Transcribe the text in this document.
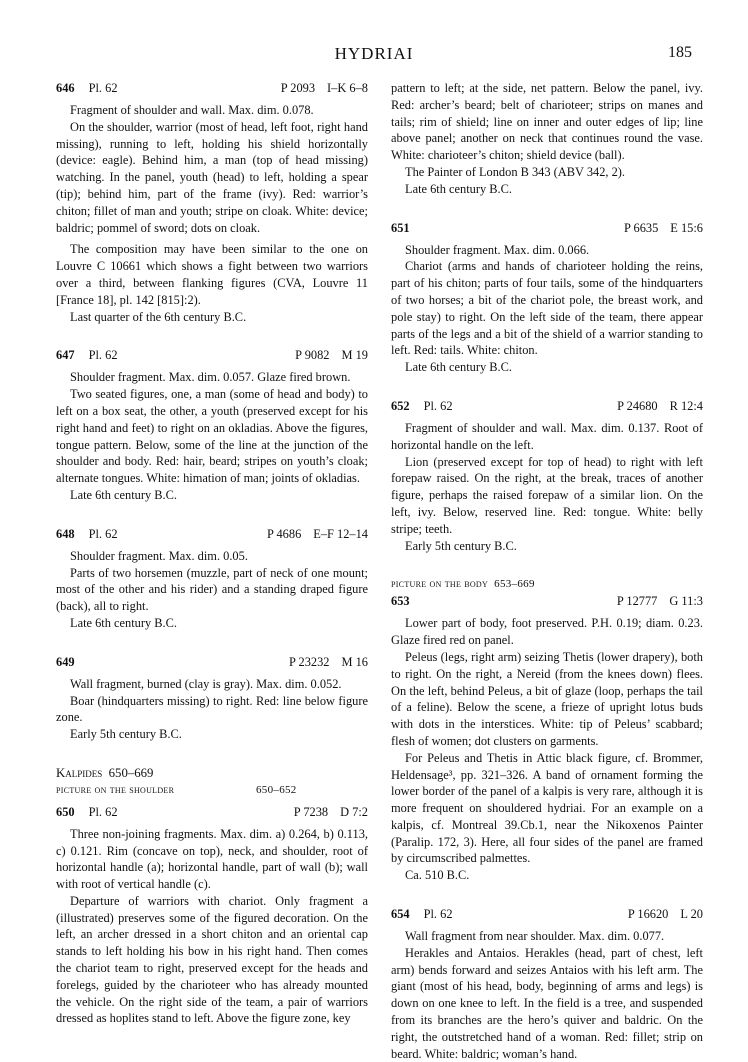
HYDRIAI	185
646 Pl. 62	P 2093 I–K 6–8

Fragment of shoulder and wall. Max. dim. 0.078.

On the shoulder, warrior (most of head, left foot, right hand missing), running to left, holding his shield horizontally (device: eagle). Behind him, a man (top of head missing) watching. In the panel, youth (head) to left, holding a spear (tip); behind him, part of the frame (ivy). Red: warrior’s chiton; fillet of man and youth; stripe on cloak. White: device; baldric; pommel of sword; dots on cloak.

The composition may have been similar to the one on Louvre C 10661 which shows a fight between two warriors over a third, between flanking figures (CVA, Louvre 11 [France 18], pl. 142 [815]:2).

Last quarter of the 6th century B.C.

647 Pl. 62	P 9082 M 19

Shoulder fragment. Max. dim. 0.057. Glaze fired brown.

Two seated figures, one, a man (some of head and body) to left on a box seat, the other, a youth (preserved except for his right hand and feet) to right on an okladias. Above the figures, tongue pattern. Below, some of the line at the junction of the shoulder and body. Red: hair, beard; stripes on youth’s cloak; alternate tongues. White: himation of man; joints of okladias.

Late 6th century B.C.

648 Pl. 62	P 4686 E–F 12–14

Shoulder fragment. Max. dim. 0.05.

Parts of two horsemen (muzzle, part of neck of one mount; most of the other and his rider) and a standing draped figure (back), all to right.

Late 6th century B.C.

649	P 23232 M 16

Wall fragment, burned (clay is gray). Max. dim. 0.052.

Boar (hindquarters missing) to right. Red: line below figure zone.

Early 5th century B.C.

Kalpides 650–669
picture on the shoulder	650–652
650 Pl. 62	P 7238 D 7:2

Three non-joining fragments. Max. dim. a) 0.264, b) 0.113, c) 0.121. Rim (concave on top), neck, and shoulder, root of horizontal handle (a); horizontal handle, part of wall (b); wall with root of vertical handle (c).

Departure of warriors with chariot. Only fragment a (illustrated) preserves some of the figured decoration. On the left, an archer dressed in a short chiton and an oriental cap stands to left holding his bow in his right hand. Then comes the chariot team to right, preserved except for the heads and forelegs, guided by the charioteer who has already mounted the vehicle. On the right side of the team, a pair of warriors dressed as hoplites stand to left. Above the figure zone, key

pattern to left; at the side, net pattern. Below the panel, ivy. Red: archer’s beard; belt of charioteer; strips on manes and tails; rim of shield; line on inner and outer edges of lip; line above panel; another on neck that continues round the vase. White: charioteer’s chiton; shield device (ball).

The Painter of London B 343 (ABV 342, 2).

Late 6th century B.C.

651	P 6635 E 15:6

Shoulder fragment. Max. dim. 0.066.

Chariot (arms and hands of charioteer holding the reins, part of his chiton; parts of four tails, some of the hindquarters of two horses; a bit of the chariot pole, the breast work, and pole stay) to right. On the left side of the team, there appear parts of the legs and a bit of the shield of a warrior standing to left. Red: tails. White: chiton.

Late 6th century B.C.

652 Pl. 62	P 24680 R 12:4

Fragment of shoulder and wall. Max. dim. 0.137. Root of horizontal handle on the left.

Lion (preserved except for top of head) to right with left forepaw raised. On the right, at the break, traces of another figure, perhaps the raised forepaw of a similar lion. On the left, ivy. Below, reserved line. Red: tongue. White: belly stripe; teeth.

Early 5th century B.C.

picture on the body 653–669
653	P 12777 G 11:3

Lower part of body, foot preserved. P.H. 0.19; diam. 0.23. Glaze fired red on panel.

Peleus (legs, right arm) seizing Thetis (lower drapery), both to right. On the right, a Nereid (from the knees down) flees. On the left, behind Peleus, a bit of glaze (loop, perhaps the tail of a feline). Below the scene, a frieze of upright lotus buds with dots in the interstices. White: tip of Peleus’ scabbard; flesh of women; dot clusters on garments.

For Peleus and Thetis in Attic black figure, cf. Brommer, Heldensage³, pp. 321–326. A band of ornament forming the lower border of the panel of a kalpis is very rare, although it is more frequent on shouldered hydriai. For an example on a kalpis, cf. Montreal 39.Cb.1, near the Nikoxenos Painter (Paralip. 172, 3). Here, all four sides of the panel are framed by circumscribed palmettes.

Ca. 510 B.C.

654 Pl. 62	P 16620 L 20

Wall fragment from near shoulder. Max. dim. 0.077.

Herakles and Antaios. Herakles (head, part of chest, left arm) bends forward and seizes Antaios with his left arm. The giant (most of his head, body, beginning of arms and legs) is down on one knee to left. In the field is a tree, and suspended from its branches are the hero’s quiver and baldric. On the right, the outstretched hand of a woman. Red: fillet; strip on beard. White: baldric; woman’s hand.
